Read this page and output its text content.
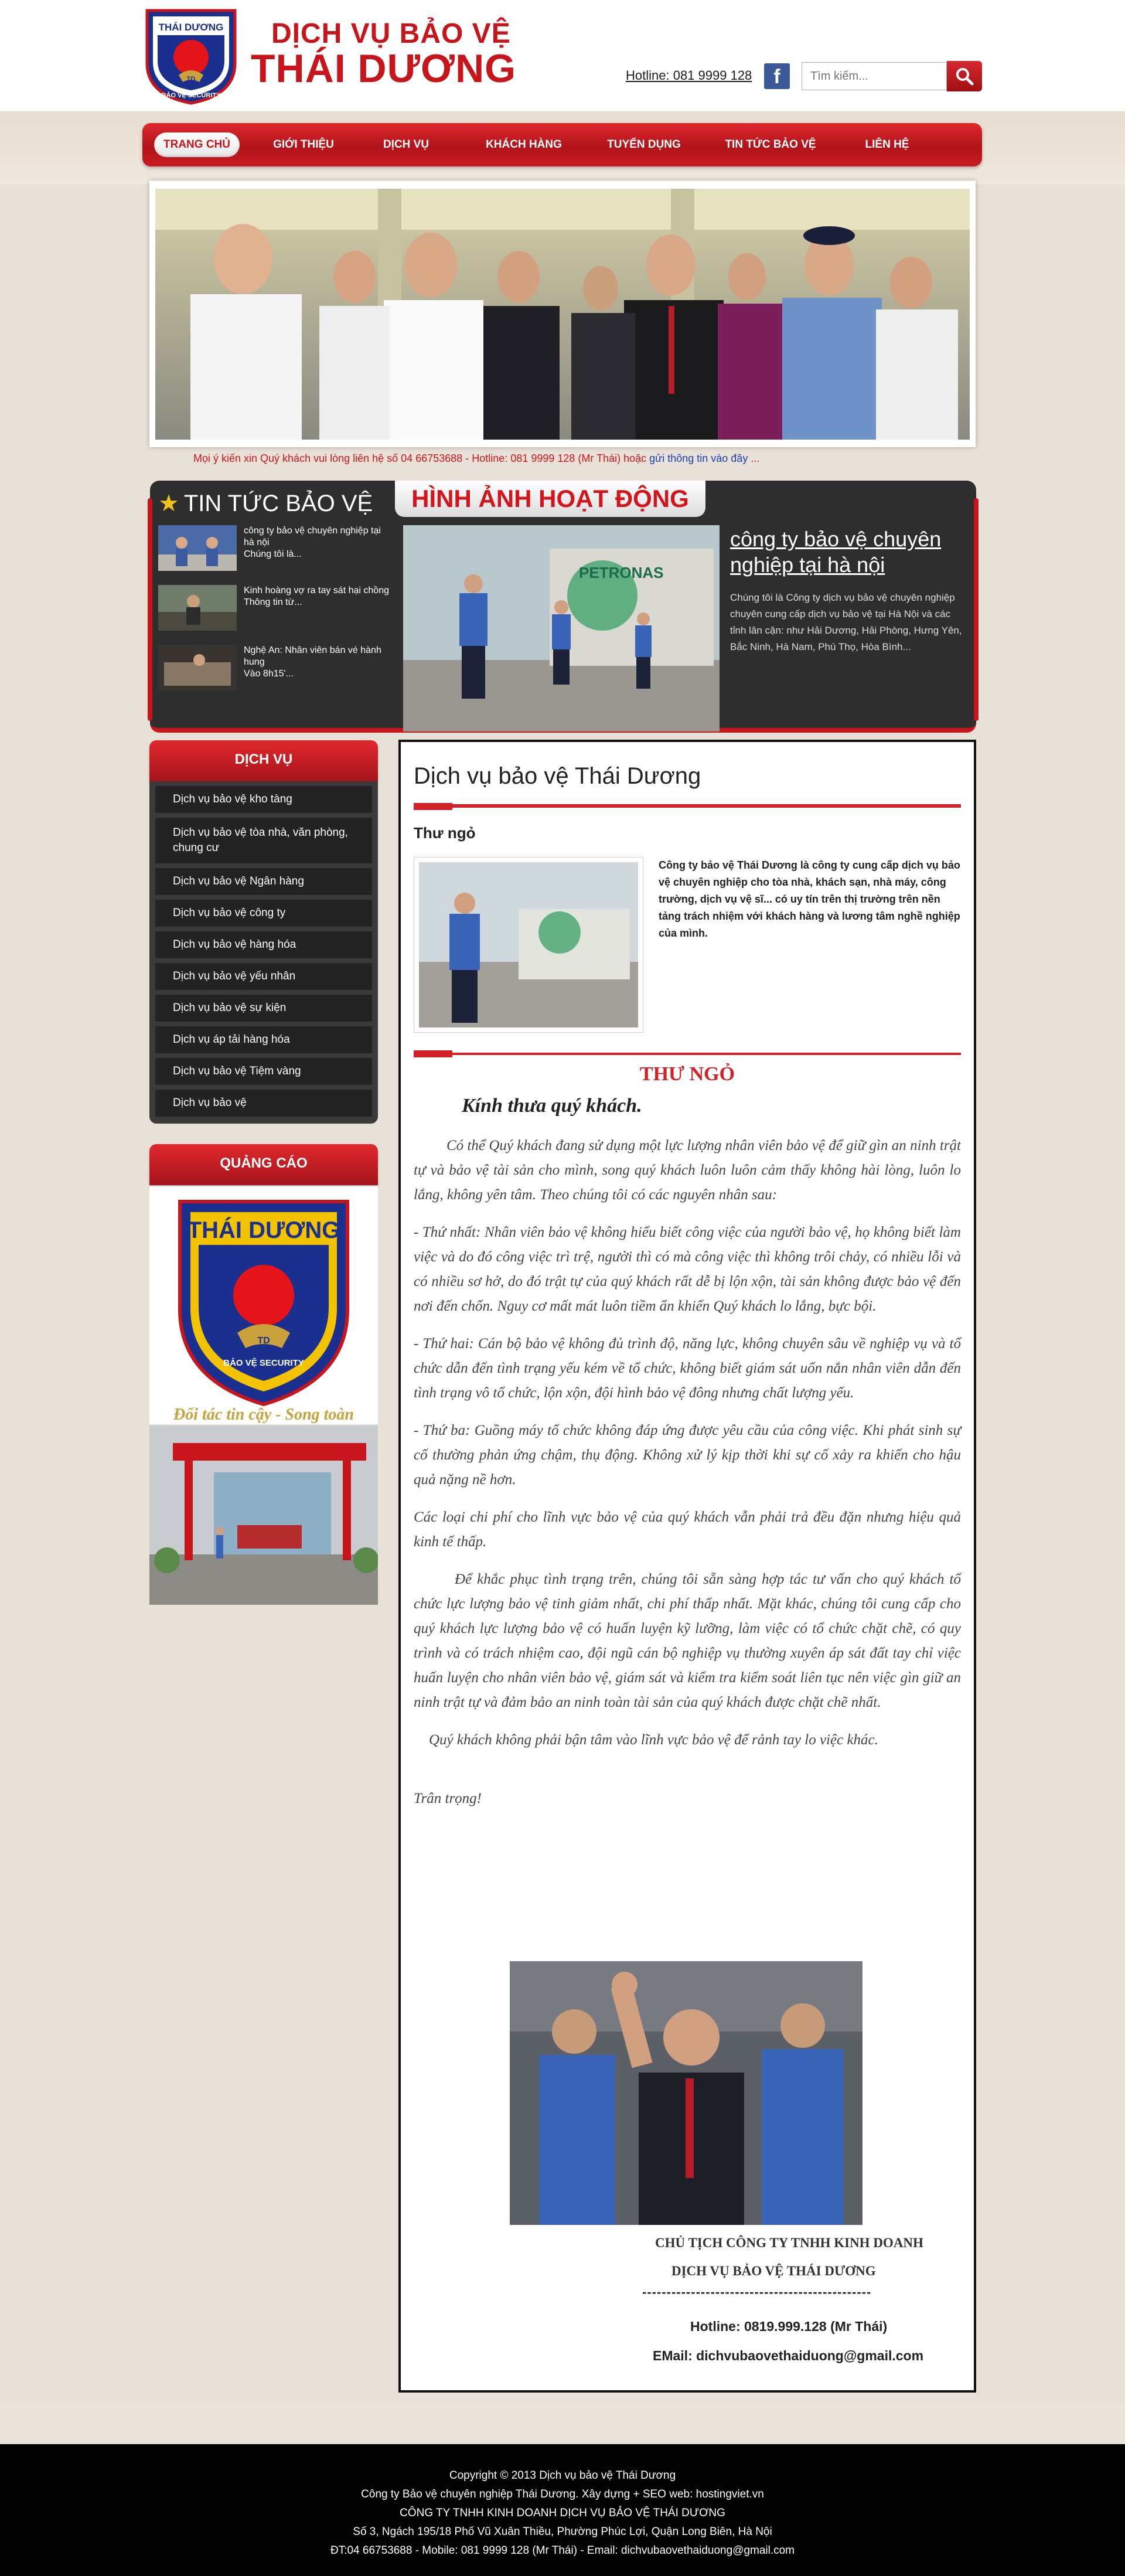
THÁI DƯƠNG
TD
BẢO VỆ SECURITY
DỊCH VỤ BẢO VỆ
THÁI DƯƠNG	Hotline: 081 9999 128	f
Tìm kiếm...
TRANG CHỦ	GIỚI THIỆU	DỊCH VỤ	KHÁCH HÀNG	TUYỂN DỤNG	TIN TỨC BẢO VỆ	LIÊN HỆ
Mọi ý kiến xin Quý khách vui lòng liên hệ số 04 66753688 - Hotline: 081 9999 128 (Mr Thái) hoặc gửi thông tin vào đây ...
★ TIN TỨC BẢO VỆ	HÌNH ẢNH HOẠT ĐỘNG
công ty bảo vệ chuyên nghiệp tại hà nội
Chúng tôi là...
Kinh hoàng vợ ra tay sát hại chồng
Thông tin từ...
Nghệ An: Nhân viên bán vé hành hung
Vào 8h15'...
PETRONAS
công ty bảo vệ chuyên nghiệp tại hà nội
Chúng tôi là Công ty dịch vụ bảo vệ chuyên nghiệp chuyên cung cấp dịch vụ bảo vệ tại Hà Nội và các tỉnh lân cận: như Hải Dương, Hải Phòng, Hưng Yên, Bắc Ninh, Hà Nam, Phú Thọ, Hòa Bình...
DỊCH VỤ
Dịch vụ bảo vệ kho tàng
Dịch vụ bảo vệ tòa nhà, văn phòng, chung cư
Dịch vụ bảo vệ Ngân hàng
Dịch vụ bảo vệ công ty
Dịch vụ bảo vệ hàng hóa
Dịch vụ bảo vệ yếu nhân
Dịch vụ bảo vệ sự kiện
Dịch vụ áp tải hàng hóa
Dịch vụ bảo vệ Tiệm vàng
Dịch vụ bảo vệ
QUẢNG CÁO
THÁI DƯƠNG
TD
BẢO VỆ SECURITY
Đối tác tin cậy - Song toàn
Dịch vụ bảo vệ Thái Dương
Thư ngỏ
Công ty bảo vệ Thái Dương là công ty cung cấp dịch vụ bảo vệ chuyên nghiệp cho tòa nhà, khách sạn, nhà máy, công trường, dịch vụ vệ sĩ... có uy tín trên thị trường trên nền tảng trách nhiệm với khách hàng và lương tâm nghề nghiệp của mình.
THƯ NGỎ
Kính thưa quý khách.

Có thể Quý khách đang sử dụng một lực lượng nhân viên bảo vệ để giữ gìn an ninh trật tự và bảo vệ tài sản cho mình, song quý khách luôn luôn cảm thấy không hài lòng, luôn lo lắng, không yên tâm. Theo chúng tôi có các nguyên nhân sau:

- Thứ nhất: Nhân viên bảo vệ không hiểu biết công việc của người bảo vệ, họ không biết làm việc và do đó công việc trì trệ, người thì có mà công việc thì không trôi chảy, có nhiều lỗi và có nhiều sơ hở, do đó trật tự của quý khách rất dễ bị lộn xộn, tài sản không được bảo vệ đến nơi đến chốn. Nguy cơ mất mát luôn tiềm ẩn khiến Quý khách lo lắng, bực bội.

- Thứ hai: Cán bộ bảo vệ không đủ trình độ, năng lực, không chuyên sâu về nghiệp vụ và tổ chức dẫn đến tình trạng yếu kém về tổ chức, không biết giám sát uốn nắn nhân viên dẫn đến tình trạng vô tổ chức, lộn xộn, đội hình bảo vệ đông nhưng chất lượng yếu.

- Thứ ba: Guồng máy tổ chức không đáp ứng được yêu cầu của công việc. Khi phát sinh sự cố thường phản ứng chậm, thụ động. Không xử lý kịp thời khi sự cố xảy ra khiến cho hậu quả nặng nề hơn.

Các loại chi phí cho lĩnh vực bảo vệ của quý khách vẫn phải trả đều đặn nhưng hiệu quả kinh tế thấp.

Để khắc phục tình trạng trên, chúng tôi sẵn sàng hợp tác tư vấn cho quý khách tổ chức lực lượng bảo vệ tinh giảm nhất, chi phí thấp nhất. Mặt khác, chúng tôi cung cấp cho quý khách lực lượng bảo vệ có huấn luyện kỹ lưỡng, làm việc có tổ chức chặt chẽ, có quy trình và có trách nhiệm cao, đội ngũ cán bộ nghiệp vụ thường xuyên áp sát đất tay chỉ việc huấn luyện cho nhân viên bảo vệ, giám sát và kiểm tra kiểm soát liên tục nên việc gìn giữ an ninh trật tự và đảm bảo an ninh toàn tài sản của quý khách được chặt chẽ nhất.

Quý khách không phải bận tâm vào lĩnh vực bảo vệ để rảnh tay lo việc khác.

Trân trọng!

CHỦ TỊCH CÔNG TY TNHH KINH DOANH
DỊCH VỤ BẢO VỆ THÁI DƯƠNG
-----------------------------------------------
Hotline: 0819.999.128 (Mr Thái)
EMail: dichvubaovethaiduong@gmail.com
Copyright © 2013 Dịch vụ bảo vệ Thái Dương
Công ty Bảo vệ chuyên nghiệp Thái Dương. Xây dựng + SEO web: hostingviet.vn
CÔNG TY TNHH KINH DOANH DỊCH VỤ BẢO VỆ THÁI DƯƠNG
Số 3, Ngách 195/18 Phố Vũ Xuân Thiều, Phường Phúc Lợi, Quận Long Biên, Hà Nội
ĐT:04 66753688 - Mobile: 081 9999 128 (Mr Thái) - Email: dichvubaovethaiduong@gmail.com
